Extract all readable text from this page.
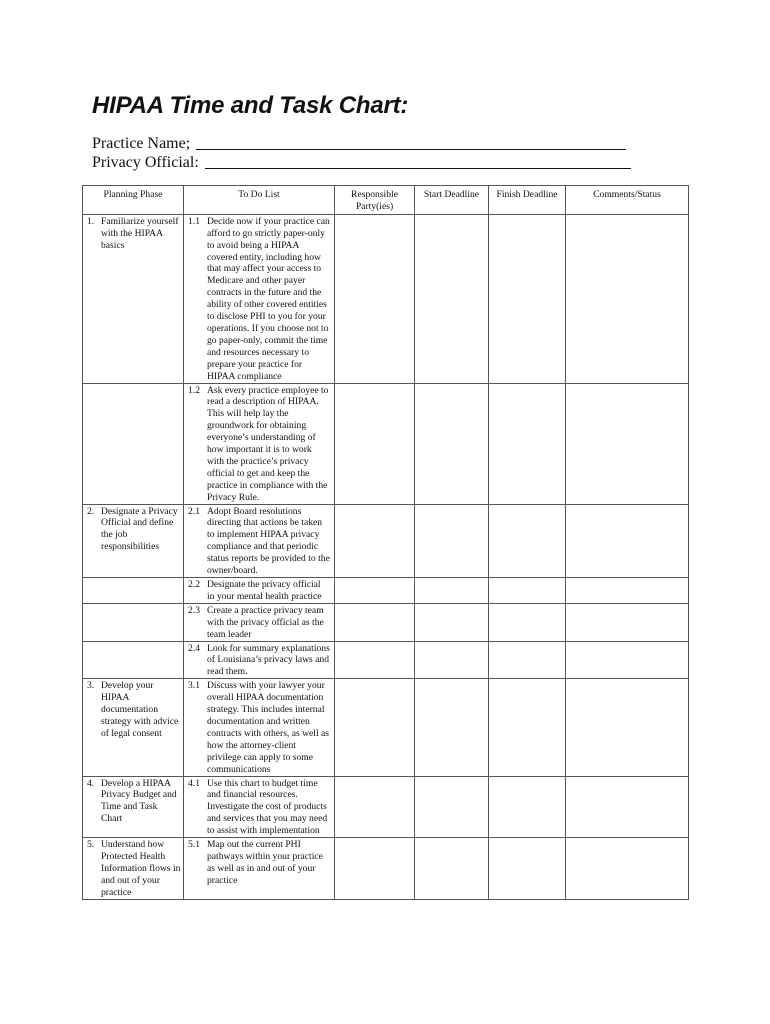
HIPAA Time and Task Chart:
Practice Name;
Privacy Official:
Planning Phase	To Do List	Responsible Party(ies)	Start Deadline	Finish Deadline	Comments/Status

1. Familiarize yourself with the HIPAA basics	1.1 Decide now if your practice can afford to go strictly paper-only to avoid being a HIPAA covered entity, including how that may affect your access to Medicare and other payer contracts in the future and the ability of other covered entities to disclose PHI to you for your operations. If you choose not to go paper-only, commit the time and resources necessary to prepare your practice for HIPAA compliance				

	1.2 Ask every practice employee to read a description of HIPAA. This will help lay the groundwork for obtaining everyone’s understanding of how important it is to work with the practice’s privacy official to get and keep the practice in compliance with the Privacy Rule.				

2. Designate a Privacy Official and define the job responsibilities	2.1 Adopt Board resolutions directing that actions be taken to implement HIPAA privacy compliance and that periodic status reports be provided to the owner/board.				

	2.2 Designate the privacy official in your mental health practice				

	2.3 Create a practice privacy team with the privacy official as the team leader				

	2.4 Look for summary explanations of Louisiana’s privacy laws and read them.				

3. Develop your HIPAA documentation strategy with advice of legal consent	3.1 Discuss with your lawyer your overall HIPAA documentation strategy. This includes internal documentation and written contracts with others, as well as how the attorney-client privilege can apply to some communications				

4. Develop a HIPAA Privacy Budget and Time and Task Chart	4.1 Use this chart to budget time and financial resources. Investigate the cost of products and services that you may need to assist with implementation				

5. Understand how Protected Health Information flows in and out of your practice	5.1 Map out the current PHI pathways within your practice as well as in and out of your practice				
